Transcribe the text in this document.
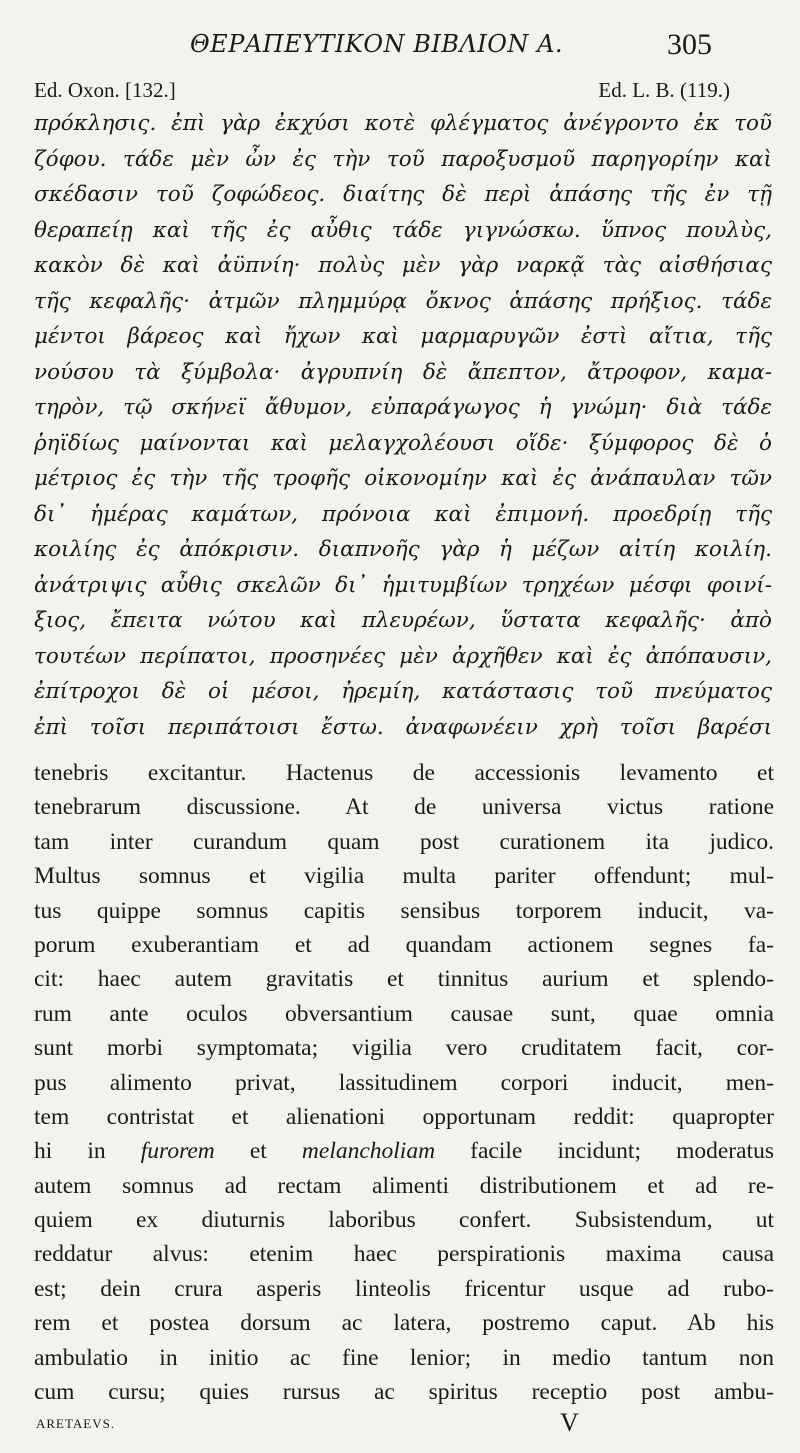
ΘΕΡΑΠΕΥΤΙΚΟΝ ΒΙΒΛΙΟΝ Α.	305
Ed. Oxon. [132.]	Ed. L. B. (119.)
πρόκλησις. ἐπὶ γὰρ ἐκχύσι κοτὲ φλέγματος ἀνέγροντο ἐκ τοῦ
ζόφου. τάδε μὲν ὦν ἐς τὴν τοῦ παροξυσμοῦ παρηγορίην καὶ
σκέδασιν τοῦ ζοφώδεος. διαίτης δὲ περὶ ἁπάσης τῆς ἐν τῇ
θεραπείῃ καὶ τῆς ἐς αὖθις τάδε γιγνώσκω. ὕπνος πουλὺς,
κακὸν δὲ καὶ ἀϋπνίη· πολὺς μὲν γὰρ ναρκᾷ τὰς αἰσθήσιας
τῆς κεφαλῆς· ἀτμῶν πλημμύρᾳ ὄκνος ἁπάσης πρήξιος. τάδε
μέντοι βάρεος καὶ ἤχων καὶ μαρμαρυγῶν ἐστὶ αἴτια, τῆς
νούσου τὰ ξύμβολα· ἀγρυπνίη δὲ ἄπεπτον, ἄτροφον, καμα-
τηρὸν, τῷ σκήνεϊ ἄθυμον, εὐπαράγωγος ἡ γνώμη· διὰ τάδε
ῥηϊδίως μαίνονται καὶ μελαγχολέουσι οἵδε· ξύμφορος δὲ ὁ
μέτριος ἐς τὴν τῆς τροφῆς οἰκονομίην καὶ ἐς ἀνάπαυλαν τῶν
δι᾽ ἡμέρας καμάτων, πρόνοια καὶ ἐπιμονή. προεδρίῃ τῆς
κοιλίης ἐς ἀπόκρισιν. διαπνοῆς γὰρ ἡ μέζων αἰτίη κοιλίη.
ἀνάτριψις αὖθις σκελῶν δι᾽ ἡμιτυμβίων τρηχέων μέσφι φοινί-
ξιος, ἔπειτα νώτου καὶ πλευρέων, ὕστατα κεφαλῆς· ἀπὸ
τουτέων περίπατοι, προσηνέες μὲν ἀρχῆθεν καὶ ἐς ἀπόπαυσιν,
ἐπίτροχοι δὲ οἱ μέσοι, ἠρεμίη, κατάστασις τοῦ πνεύματος
ἐπὶ τοῖσι περιπάτοισι ἔστω. ἀναφωνέειν χρὴ τοῖσι βαρέσι
tenebris excitantur. Hactenus de accessionis levamento et
tenebrarum discussione. At de universa victus ratione
tam inter curandum quam post curationem ita judico.
Multus somnus et vigilia multa pariter offendunt; mul-
tus quippe somnus capitis sensibus torporem inducit, va-
porum exuberantiam et ad quandam actionem segnes fa-
cit: haec autem gravitatis et tinnitus aurium et splendo-
rum ante oculos obversantium causae sunt, quae omnia
sunt morbi symptomata; vigilia vero cruditatem facit, cor-
pus alimento privat, lassitudinem corpori inducit, men-
tem contristat et alienationi opportunam reddit: quapropter
hi in furorem et melancholiam facile incidunt; moderatus
autem somnus ad rectam alimenti distributionem et ad re-
quiem ex diuturnis laboribus confert. Subsistendum, ut
reddatur alvus: etenim haec perspirationis maxima causa
est; dein crura asperis linteolis fricentur usque ad rubo-
rem et postea dorsum ac latera, postremo caput. Ab his
ambulatio in initio ac fine lenior; in medio tantum non
cum cursu; quies rursus ac spiritus receptio post ambu-
ARETAEVS.	V
